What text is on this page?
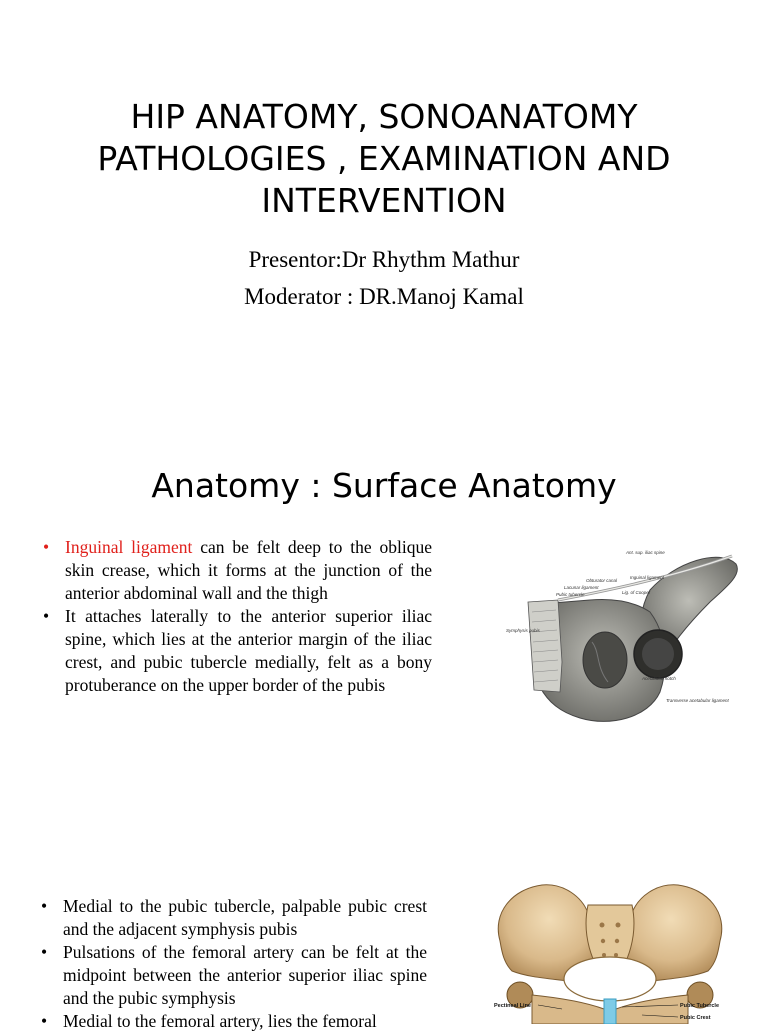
HIP ANATOMY, SONOANATOMY
PATHOLOGIES , EXAMINATION AND
INTERVENTION
Presentor:Dr Rhythm Mathur
Moderator : DR.Manoj Kamal
Anatomy : Surface Anatomy
• Inguinal ligament can be felt deep to the oblique skin crease, which it forms at the junction of the anterior abdominal wall and the thigh
• It attaches laterally to the anterior superior iliac spine, which lies at the anterior margin of the iliac crest, and pubic tubercle medially, felt as a bony protuberance on the upper border of the pubis
Ant. sup. iliac spine
Inguinal ligament
Obturator canal
Lacunar ligament
Pubic tubercle	Lig. of Cooper
Symphysis pubis
Acetabular notch
Transverse acetabular ligament
• Medial to the pubic tubercle, palpable pubic crest and the adjacent symphysis pubis
• Pulsations of the femoral artery can be felt at the midpoint between the anterior superior iliac spine and the pubic symphysis
• Medial to the femoral artery, lies the femoral
Pectineal Line	Pubic Tubercle
Pubic Crest
